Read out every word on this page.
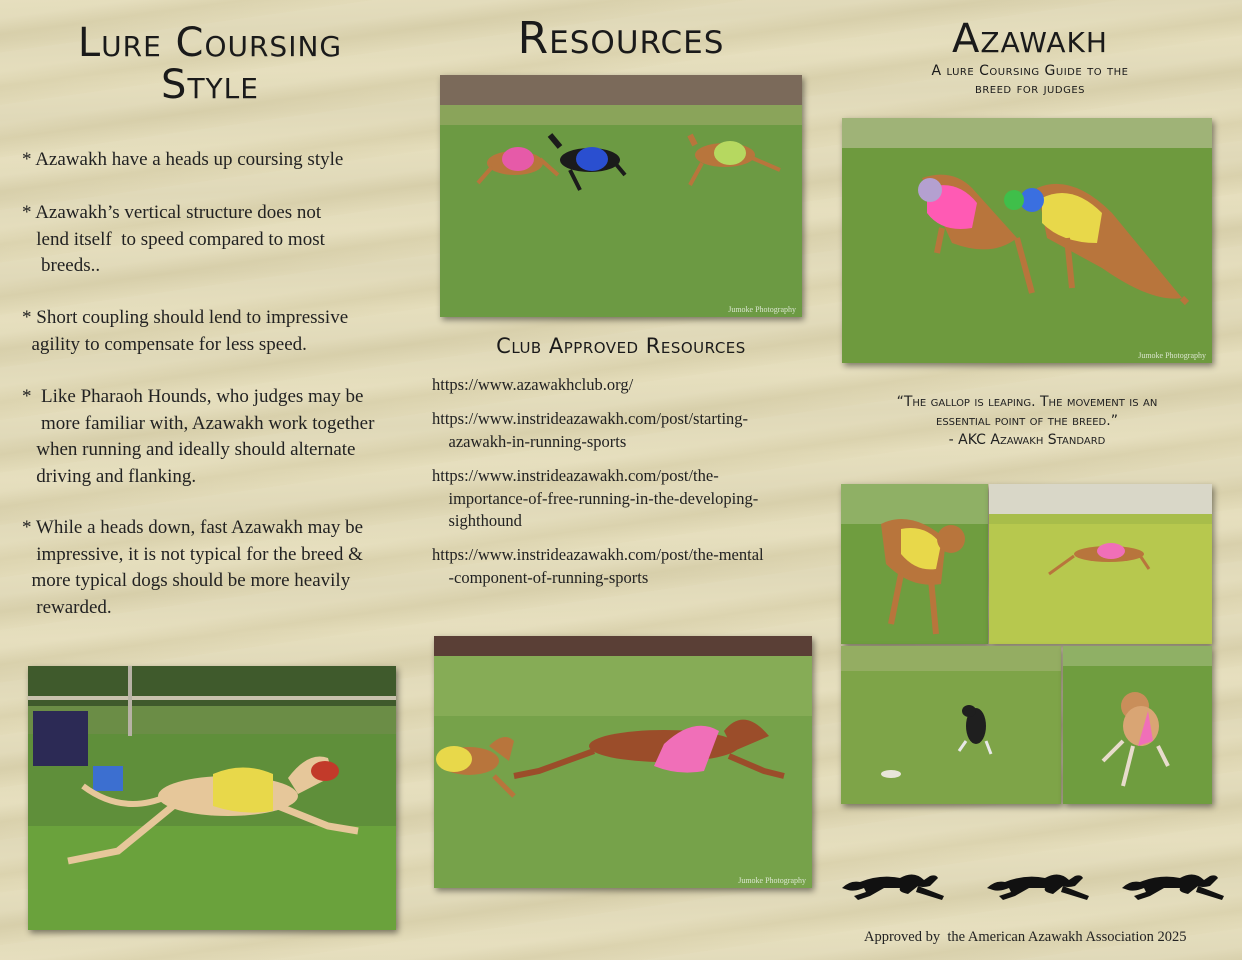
Lure Coursing
Style
* Azawakh have a heads up coursing style
* Azawakh’s vertical structure does not
lend itself  to speed compared to most
breeds..
* Short coupling should lend to impressive
agility to compensate for less speed.
*  Like Pharaoh Hounds, who judges may be
more familiar with, Azawakh work together
when running and ideally should alternate
driving and flanking.
* While a heads down, fast Azawakh may be
impressive, it is not typical for the breed &
more typical dogs should be more heavily
rewarded.
Resources
Jumoke Photography
Club Approved Resources
https://www.azawakhclub.org/
https://www.instrideazawakh.com/post/starting-
azawakh-in-running-sports
https://www.instrideazawakh.com/post/the-
importance-of-free-running-in-the-developing-
sighthound
https://www.instrideazawakh.com/post/the-mental
-component-of-running-sports
Jumoke Photography
Azawakh
A lure Coursing Guide to the
breed for judges
Jumoke Photography
“The gallop is leaping. The movement is an
essential point of the breed.”
- AKC Azawakh Standard
Approved by  the American Azawakh Association 2025
